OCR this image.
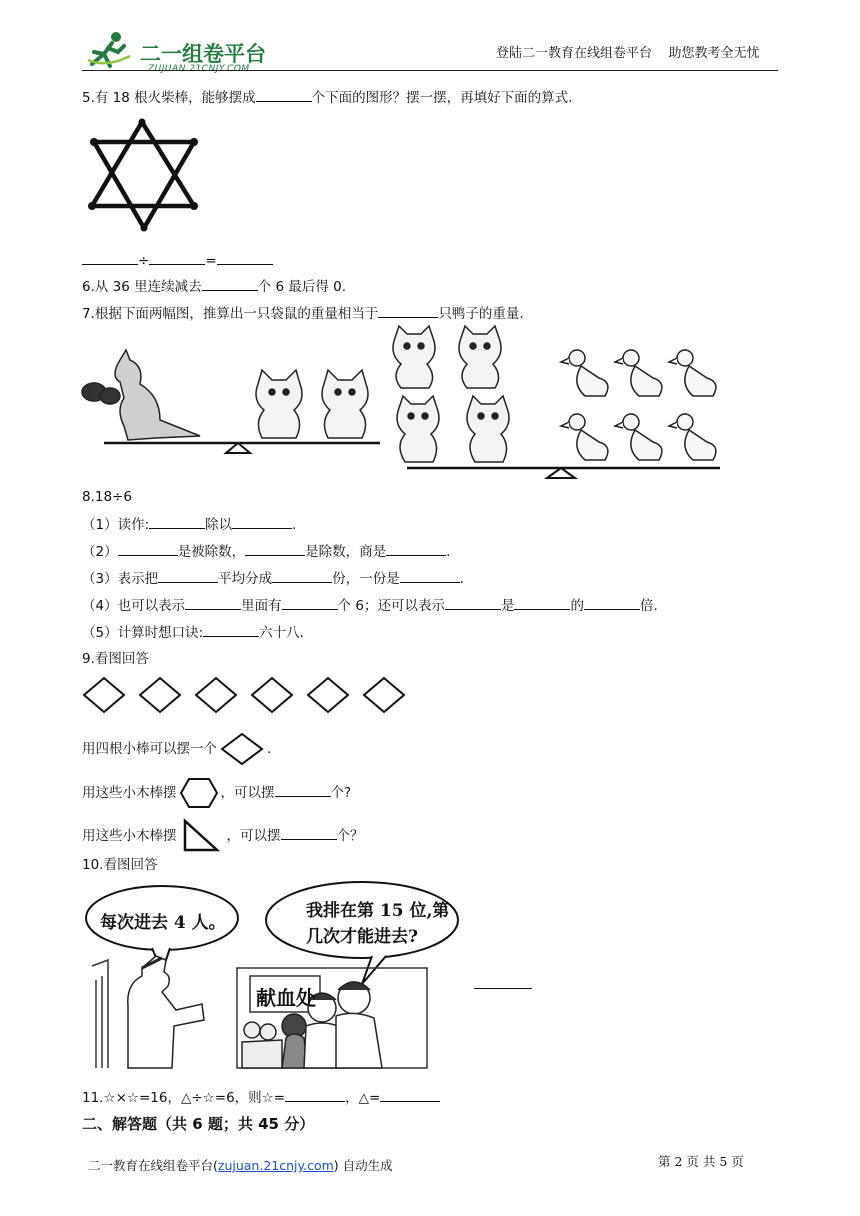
二一组卷平台
ZUJUAN.21CNJY.COM
登陆二一教育在线组卷平台 助您教考全无忧
5.有 18 根火柴棒，能够摆成	个下面的图形？摆一摆，再填好下面的算式.
÷	=
6.从 36 里连续减去	个 6 最后得 0.
7.根据下面两幅图，推算出一只袋鼠的重量相当于	只鸭子的重量.
8.18÷6
（1）读作:	除以	.
（2）	是被除数，	是除数，商是	.
（3）表示把	平均分成	份，一份是	.
（4）也可以表示	里面有	个 6；还可以表示	是	的	倍.
（5）计算时想口诀:	六十八.
9.看图回答
用四根小棒可以摆一个	.
用这些小木棒摆	，可以摆	个?
用这些小木棒摆	，可以摆	个？
10.看图回答
每次进去 4 人。
我排在第 15 位,第
几次才能进去?
献血处
11.☆×☆=16，△÷☆=6，则☆=	，△=
二、解答题（共 6 题；共 45 分）
二一教育在线组卷平台(zujuan.21cnjy.com) 自动生成	第 2 页 共 5 页
